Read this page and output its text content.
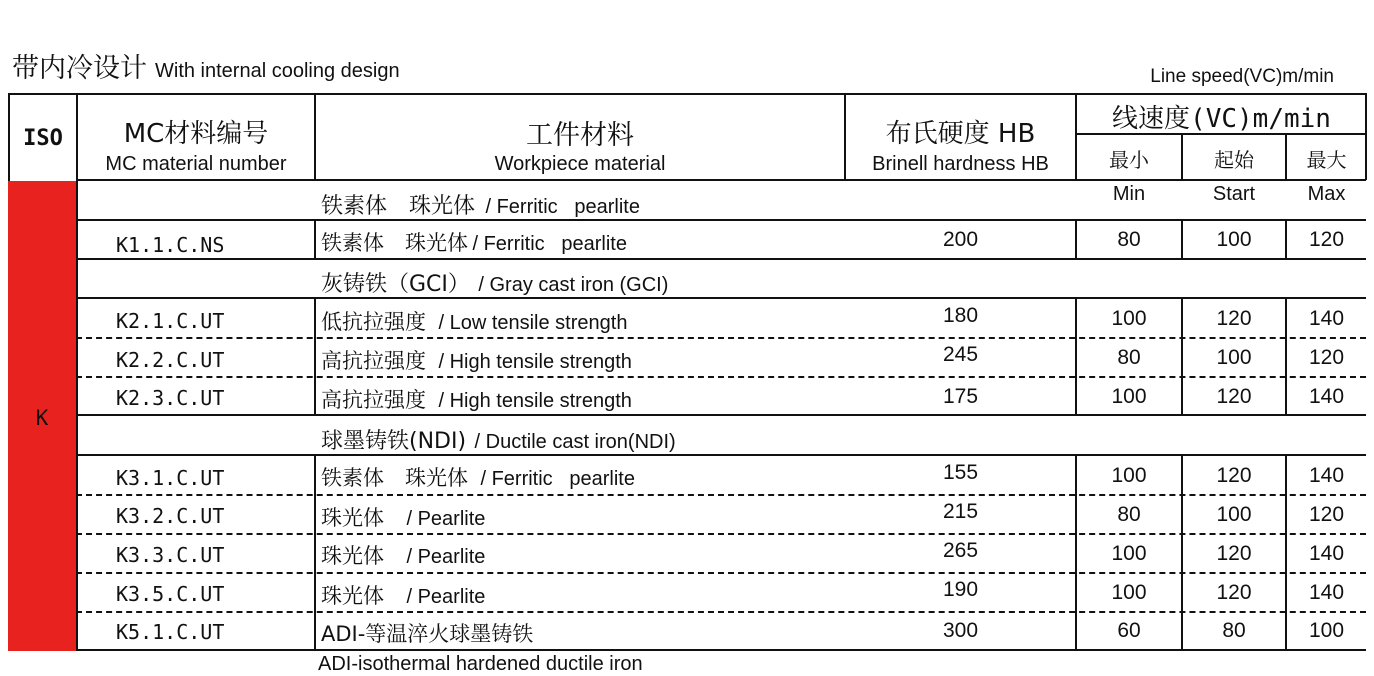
带内冷设计 With internal cooling design	Line speed(VC)m/min
ISO	MC材料编号
MC material number
工件材料
Workpiece material
布氏硬度 HB
Brinell hardness HB
线速度(VC)m/min
最小	起始	最大
K
铁素体　珠光体 / Ferritic   pearlite
Min	Start	Max
K1.1.C.NS	铁素体　珠光体 / Ferritic   pearlite	200	80	100	120
灰铸铁（GCI） / Gray cast iron (GCI)
K2.1.C.UT	低抗拉强度 / Low tensile strength	180	100	120	140
K2.2.C.UT	高抗拉强度 / High tensile strength	245	80	100	120
K2.3.C.UT	高抗拉强度 / High tensile strength	175	100	120	140
球墨铸铁(NDI) / Ductile cast iron(NDI)
K3.1.C.UT	铁素体　珠光体 / Ferritic   pearlite	155	100	120	140
K3.2.C.UT	珠光体 / Pearlite	215	80	100	120
K3.3.C.UT	珠光体 / Pearlite	265	100	120	140
K3.5.C.UT	珠光体 / Pearlite	190	100	120	140
K5.1.C.UT	ADI-等温淬火球墨铸铁	300	60	80	100
ADI-isothermal hardened ductile iron
